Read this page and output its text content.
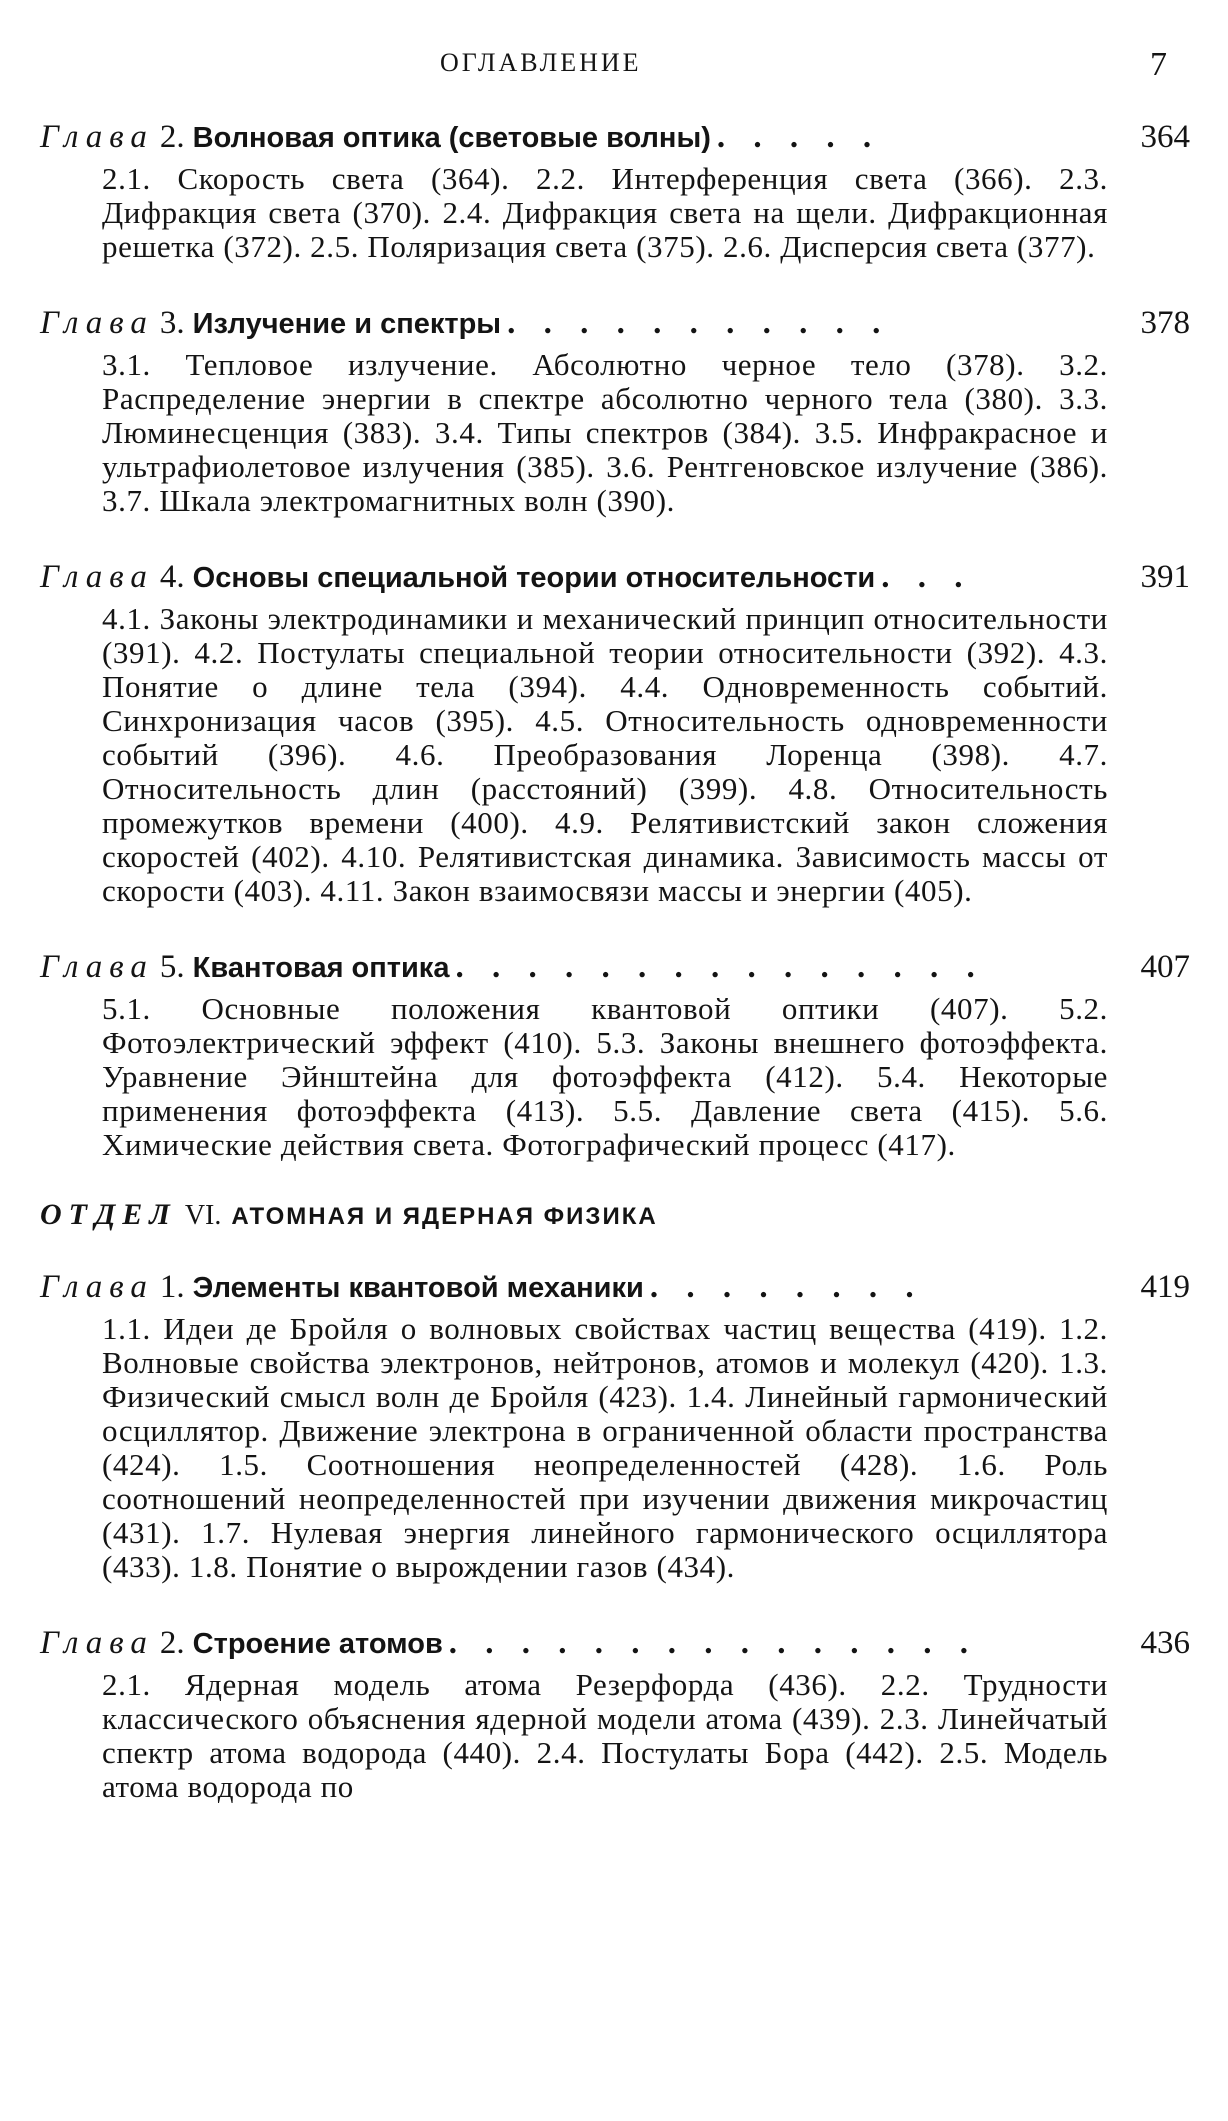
ОГЛАВЛЕНИЕ	7
Глава 2. Волновая оптика (световые волны) . . . . .	364
2.1. Скорость света (364). 2.2. Интерференция света (366). 2.3. Дифракция света (370). 2.4. Дифракция света на щели. Дифракционная решетка (372). 2.5. Поляризация света (375). 2.6. Дисперсия света (377).
Глава 3. Излучение и спектры . . . . . . . . . . .	378
3.1. Тепловое излучение. Абсолютно черное тело (378). 3.2. Распределение энергии в спектре абсолютно черного тела (380). 3.3. Люминесценция (383). 3.4. Типы спектров (384). 3.5. Инфракрасное и ультрафиолетовое излучения (385). 3.6. Рентгеновское излучение (386). 3.7. Шкала электромагнитных волн (390).
Глава 4. Основы специальной теории относительности . . .	391
4.1. Законы электродинамики и механический принцип относительности (391). 4.2. Постулаты специальной теории относительности (392). 4.3. Понятие о длине тела (394). 4.4. Одновременность событий. Синхронизация часов (395). 4.5. Относительность одновременности событий (396). 4.6. Преобразования Лоренца (398). 4.7. Относительность длин (расстояний) (399). 4.8. Относительность промежутков времени (400). 4.9. Релятивистский закон сложения скоростей (402). 4.10. Релятивистская динамика. Зависимость массы от скорости (403). 4.11. Закон взаимосвязи массы и энергии (405).
Глава 5. Квантовая оптика . . . . . . . . . . . . . . .	407
5.1. Основные положения квантовой оптики (407). 5.2. Фотоэлектрический эффект (410). 5.3. Законы внешнего фотоэффекта. Уравнение Эйнштейна для фотоэффекта (412). 5.4. Некоторые применения фотоэффекта (413). 5.5. Давление света (415). 5.6. Химические действия света. Фотографический процесс (417).
ОТДЕЛ VI. АТОМНАЯ И ЯДЕРНАЯ ФИЗИКА
Глава 1. Элементы квантовой механики . . . . . . . .	419
1.1. Идеи де Бройля о волновых свойствах частиц вещества (419). 1.2. Волновые свойства электронов, нейтронов, атомов и молекул (420). 1.3. Физический смысл волн де Бройля (423). 1.4. Линейный гармонический осциллятор. Движение электрона в ограниченной области пространства (424). 1.5. Соотношения неопределенностей (428). 1.6. Роль соотношений неопределенностей при изучении движения микрочастиц (431). 1.7. Нулевая энергия линейного гармонического осциллятора (433). 1.8. Понятие о вырождении газов (434).
Глава 2. Строение атомов . . . . . . . . . . . . . . .	436
2.1. Ядерная модель атома Резерфорда (436). 2.2. Трудности классического объяснения ядерной модели атома (439). 2.3. Линейчатый спектр атома водорода (440). 2.4. Постулаты Бора (442). 2.5. Модель атома водорода по
